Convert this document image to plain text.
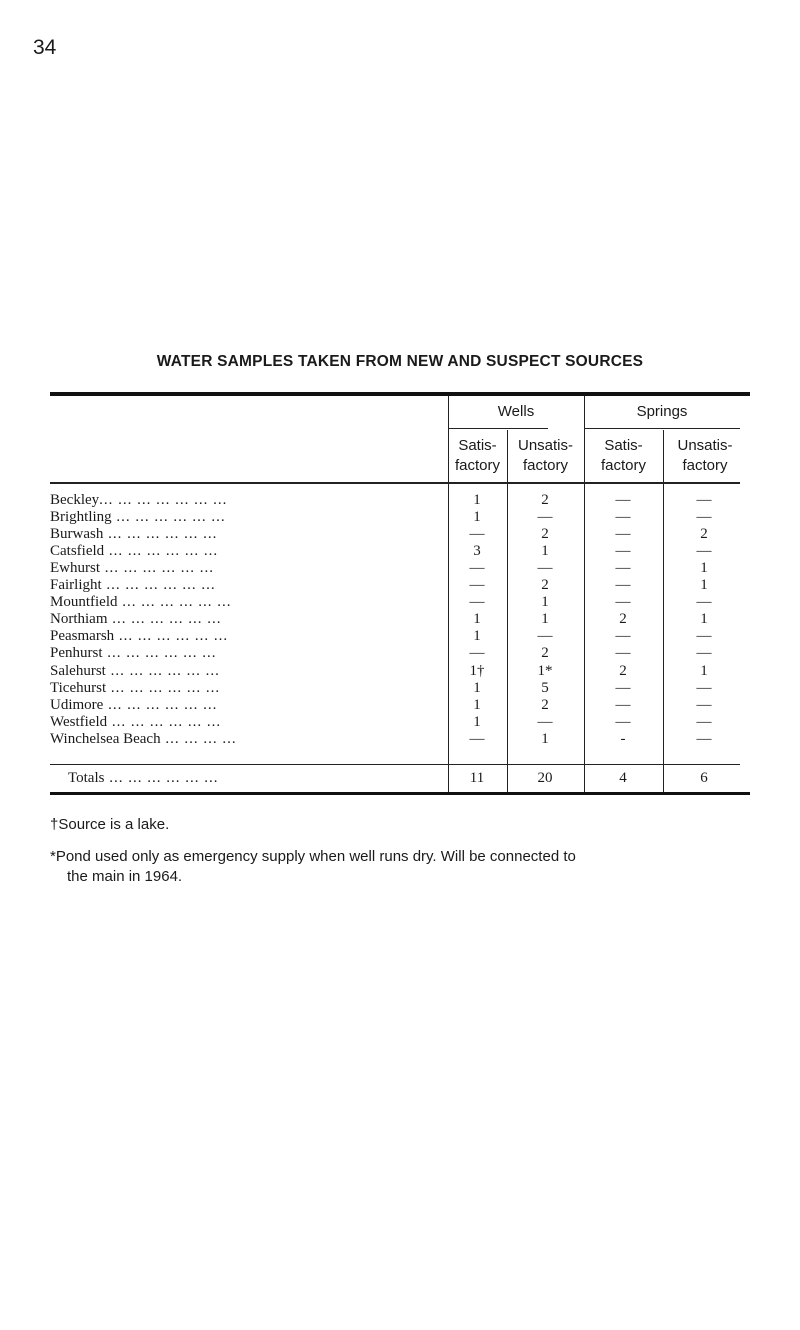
34
WATER SAMPLES TAKEN FROM NEW AND SUSPECT SOURCES
Wells	Springs
Satis-
factory
Unsatis-
factory
Satis-
factory
Unsatis-
factory
Beckley... ... ... ... ... ... ...	1	2	—	—
Brightling ... ... ... ... ... ...	1	—	—	—
Burwash ... ... ... ... ... ...	—	2	—	2
Catsfield ... ... ... ... ... ...	3	1	—	—
Ewhurst ... ... ... ... ... ...	—	—	—	1
Fairlight ... ... ... ... ... ...	—	2	—	1
Mountfield ... ... ... ... ... ...	—	1	—	—
Northiam ... ... ... ... ... ...	1	1	2	1
Peasmarsh ... ... ... ... ... ...	1	—	—	—
Penhurst ... ... ... ... ... ...	—	2	—	—
Salehurst ... ... ... ... ... ...	1†	1*	2	1
Ticehurst ... ... ... ... ... ...	1	5	—	—
Udimore ... ... ... ... ... ...	1	2	—	—
Westfield ... ... ... ... ... ...	1	—	—	—
Winchelsea Beach ... ... ... ...	—	1	-	—
Totals ... ... ... ... ... ...	11	20	4	6
†Source is a lake.
*Pond used only as emergency supply when well runs dry. Will be connected to
the main in 1964.
